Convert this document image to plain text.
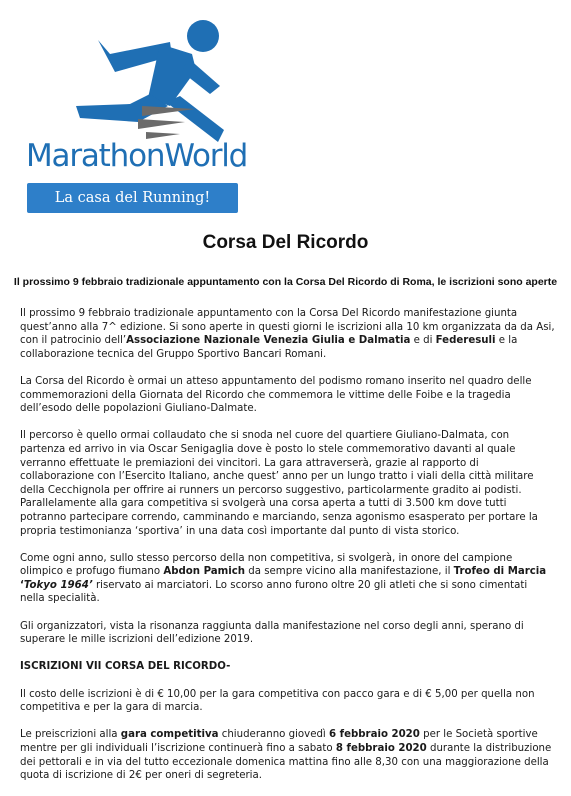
MarathonWorld
La casa del Running!
Corsa Del Ricordo
Il prossimo 9 febbraio tradizionale appuntamento con la Corsa Del Ricordo di Roma, le iscrizioni sono aperte

Il prossimo 9 febbraio tradizionale appuntamento con la Corsa Del Ricordo manifestazione giunta quest’anno alla 7^ edizione. Si sono aperte in questi giorni le iscrizioni alla 10 km organizzata da da Asi, con il patrocinio dell’Associazione Nazionale Venezia Giulia e Dalmatia e di Federesuli e la collaborazione tecnica del Gruppo Sportivo Bancari Romani.

La Corsa del Ricordo è ormai un atteso appuntamento del podismo romano inserito nel quadro delle commemorazioni della Giornata del Ricordo che commemora le vittime delle Foibe e la tragedia dell’esodo delle popolazioni Giuliano-Dalmate.

Il percorso è quello ormai collaudato che si snoda nel cuore del quartiere Giuliano-Dalmata, con partenza ed arrivo in via Oscar Senigaglia dove è posto lo stele commemorativo davanti al quale verranno effettuate le premiazioni dei vincitori. La gara attraverserà, grazie al rapporto di collaborazione con l’Esercito Italiano, anche quest’ anno per un lungo tratto i viali della città militare della Cecchignola per offrire ai runners un percorso suggestivo, particolarmente gradito ai podisti. Parallelamente alla gara competitiva si svolgerà una corsa aperta a tutti di 3.500 km dove tutti potranno partecipare correndo, camminando e marciando, senza agonismo esasperato per portare la propria testimonianza ‘sportiva’ in una data così importante dal punto di vista storico.

Come ogni anno, sullo stesso percorso della non competitiva, si svolgerà, in onore del campione olimpico e profugo fiumano Abdon Pamich da sempre vicino alla manifestazione, il Trofeo di Marcia ‘Tokyo 1964’ riservato ai marciatori. Lo scorso anno furono oltre 20 gli atleti che si sono cimentati nella specialità.

Gli organizzatori, vista la risonanza raggiunta dalla manifestazione nel corso degli anni, sperano di superare le mille iscrizioni dell’edizione 2019.

ISCRIZIONI VII CORSA DEL RICORDO-

Il costo delle iscrizioni è di € 10,00 per la gara competitiva con pacco gara e di € 5,00 per quella non competitiva e per la gara di marcia.

Le preiscrizioni alla gara competitiva chiuderanno giovedì 6 febbraio 2020 per le Società sportive mentre per gli individuali l’iscrizione continuerà fino a sabato 8 febbraio 2020 durante la distribuzione dei pettorali e in via del tutto eccezionale domenica mattina fino alle 8,30 con una maggiorazione della quota di iscrizione di 2€ per oneri di segreteria.
